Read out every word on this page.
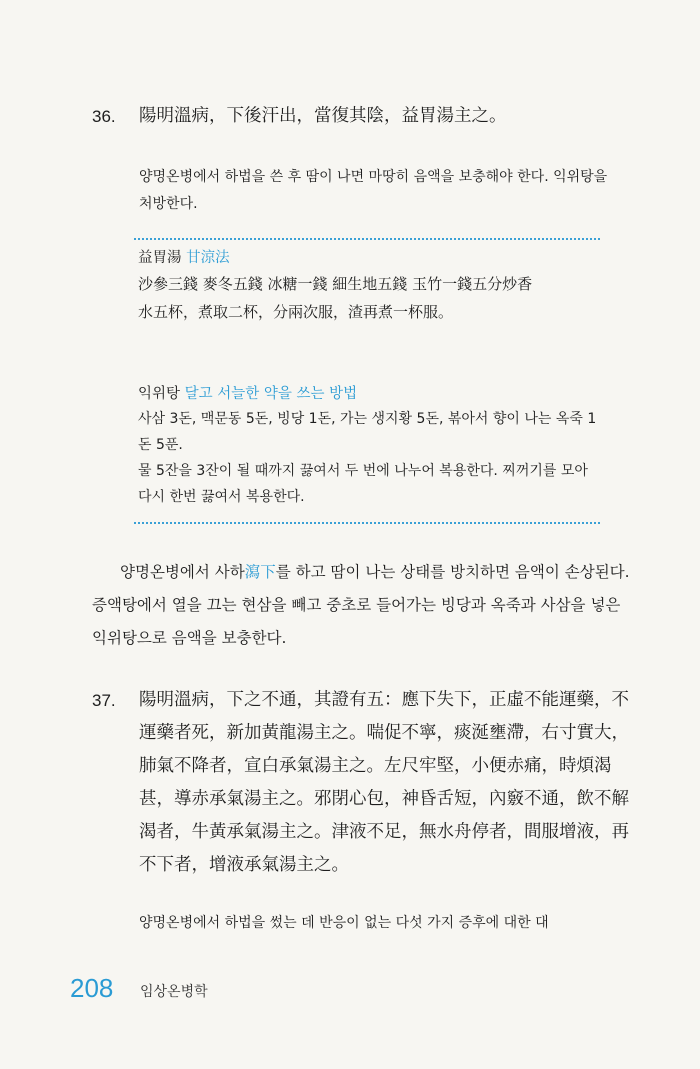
36. 陽明溫病，下後汗出，當復其陰，益胃湯主之。
양명온병에서 하법을 쓴 후 땀이 나면 마땅히 음액을 보충해야 한다. 익위탕을 처방한다.
益胃湯 甘涼法
沙參三錢 麥冬五錢 冰糖一錢 細生地五錢 玉竹一錢五分炒香
水五杯，煮取二杯，分兩次服，渣再煮一杯服。
익위탕 달고 서늘한 약을 쓰는 방법
사삼 3돈, 맥문동 5돈, 빙당 1돈, 가는 생지황 5돈, 볶아서 향이 나는 옥죽 1돈 5푼.
물 5잔을 3잔이 될 때까지 끓여서 두 번에 나누어 복용한다. 찌꺼기를 모아 다시 한번 끓여서 복용한다.
양명온병에서 사하瀉下를 하고 땀이 나는 상태를 방치하면 음액이 손상된다. 증액탕에서 열을 끄는 현삼을 빼고 중초로 들어가는 빙당과 옥죽과 사삼을 넣은 익위탕으로 음액을 보충한다.
37. 陽明溫病，下之不通，其證有五：應下失下，正虛不能運藥，不運藥者死，新加黃龍湯主之。喘促不寧，痰涎壅滯，右寸實大，肺氣不降者，宣白承氣湯主之。左尺牢堅，小便赤痛，時煩渴甚，導赤承氣湯主之。邪閉心包，神昏舌短，內竅不通，飲不解渴者，牛黃承氣湯主之。津液不足，無水舟停者，間服增液，再不下者，增液承氣湯主之。
양명온병에서 하법을 썼는 데 반응이 없는 다섯 가지 증후에 대한 대
208 임상온병학
